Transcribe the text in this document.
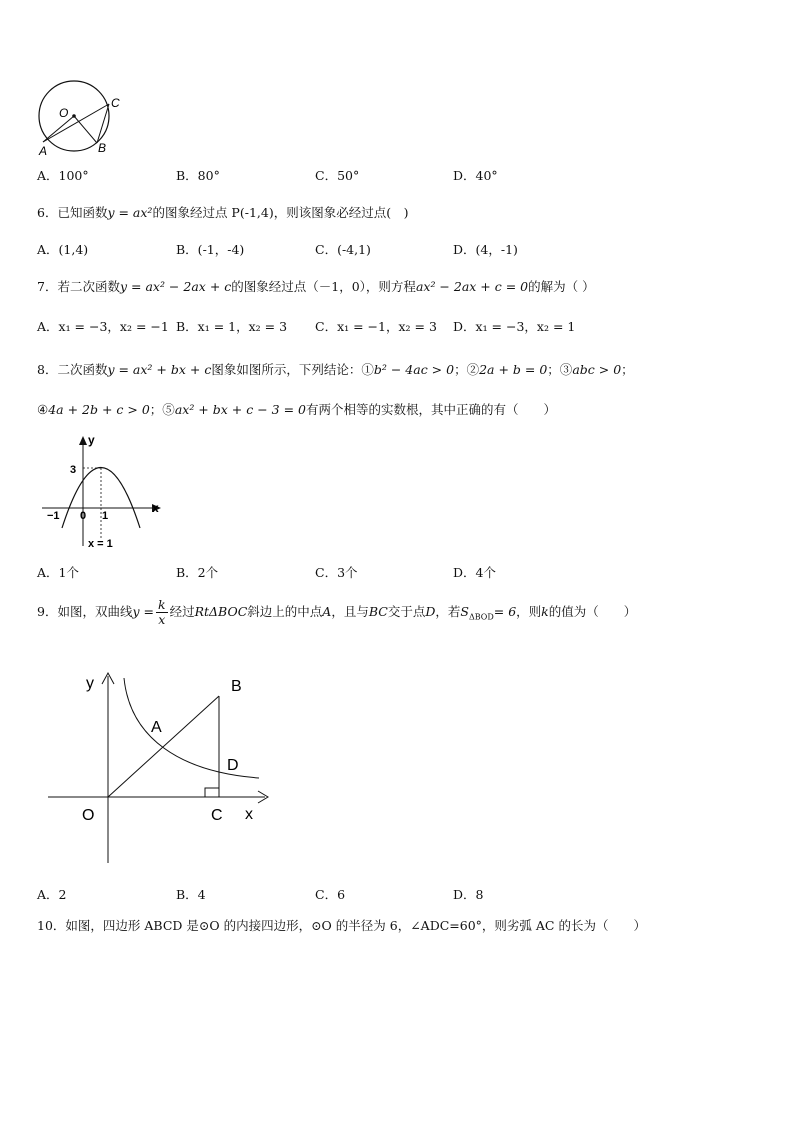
O
C
A	B
A．100°	B．80°	C．50°	D．40°
6．已知函数y = ax²的图象经过点 P(-1,4)，则该图象必经过点(　)
A．(1,4)	B．(-1，-4)	C．(-4,1)	D．(4，-1)
7．若二次函数y = ax² − 2ax + c的图象经过点（－1，0），则方程ax² − 2ax + c = 0的解为（ ）
A．x₁ = −3，x₂ = −1 B．x₁ = 1，x₂ = 3 C．x₁ = −1，x₂ = 3 D．x₁ = −3，x₂ = 1
8．二次函数y = ax² + bx + c图象如图所示，下列结论：①b² − 4ac > 0；②2a + b = 0；③abc > 0；
④4a + 2b + c > 0；⑤ax² + bx + c − 3 = 0有两个相等的实数根，其中正确的有（　　）
y
x
3
−1 0 1
x = 1
A．1个	B．2个	C．3个	D．4个
9．如图，双曲线$y = \frac{k}{x}$ 经过RtΔBOC斜边上的中点A，且与BC交于点D，若$S_{\Delta BOD}= 6$，则k的值为（　　）
y
x
B
A
D
O	C
A．2	B．4	C．6	D．8
10．如图，四边形 ABCD 是⊙O 的内接四边形，⊙O 的半径为 6，∠ADC=60°，则劣弧 AC 的长为（　　）
